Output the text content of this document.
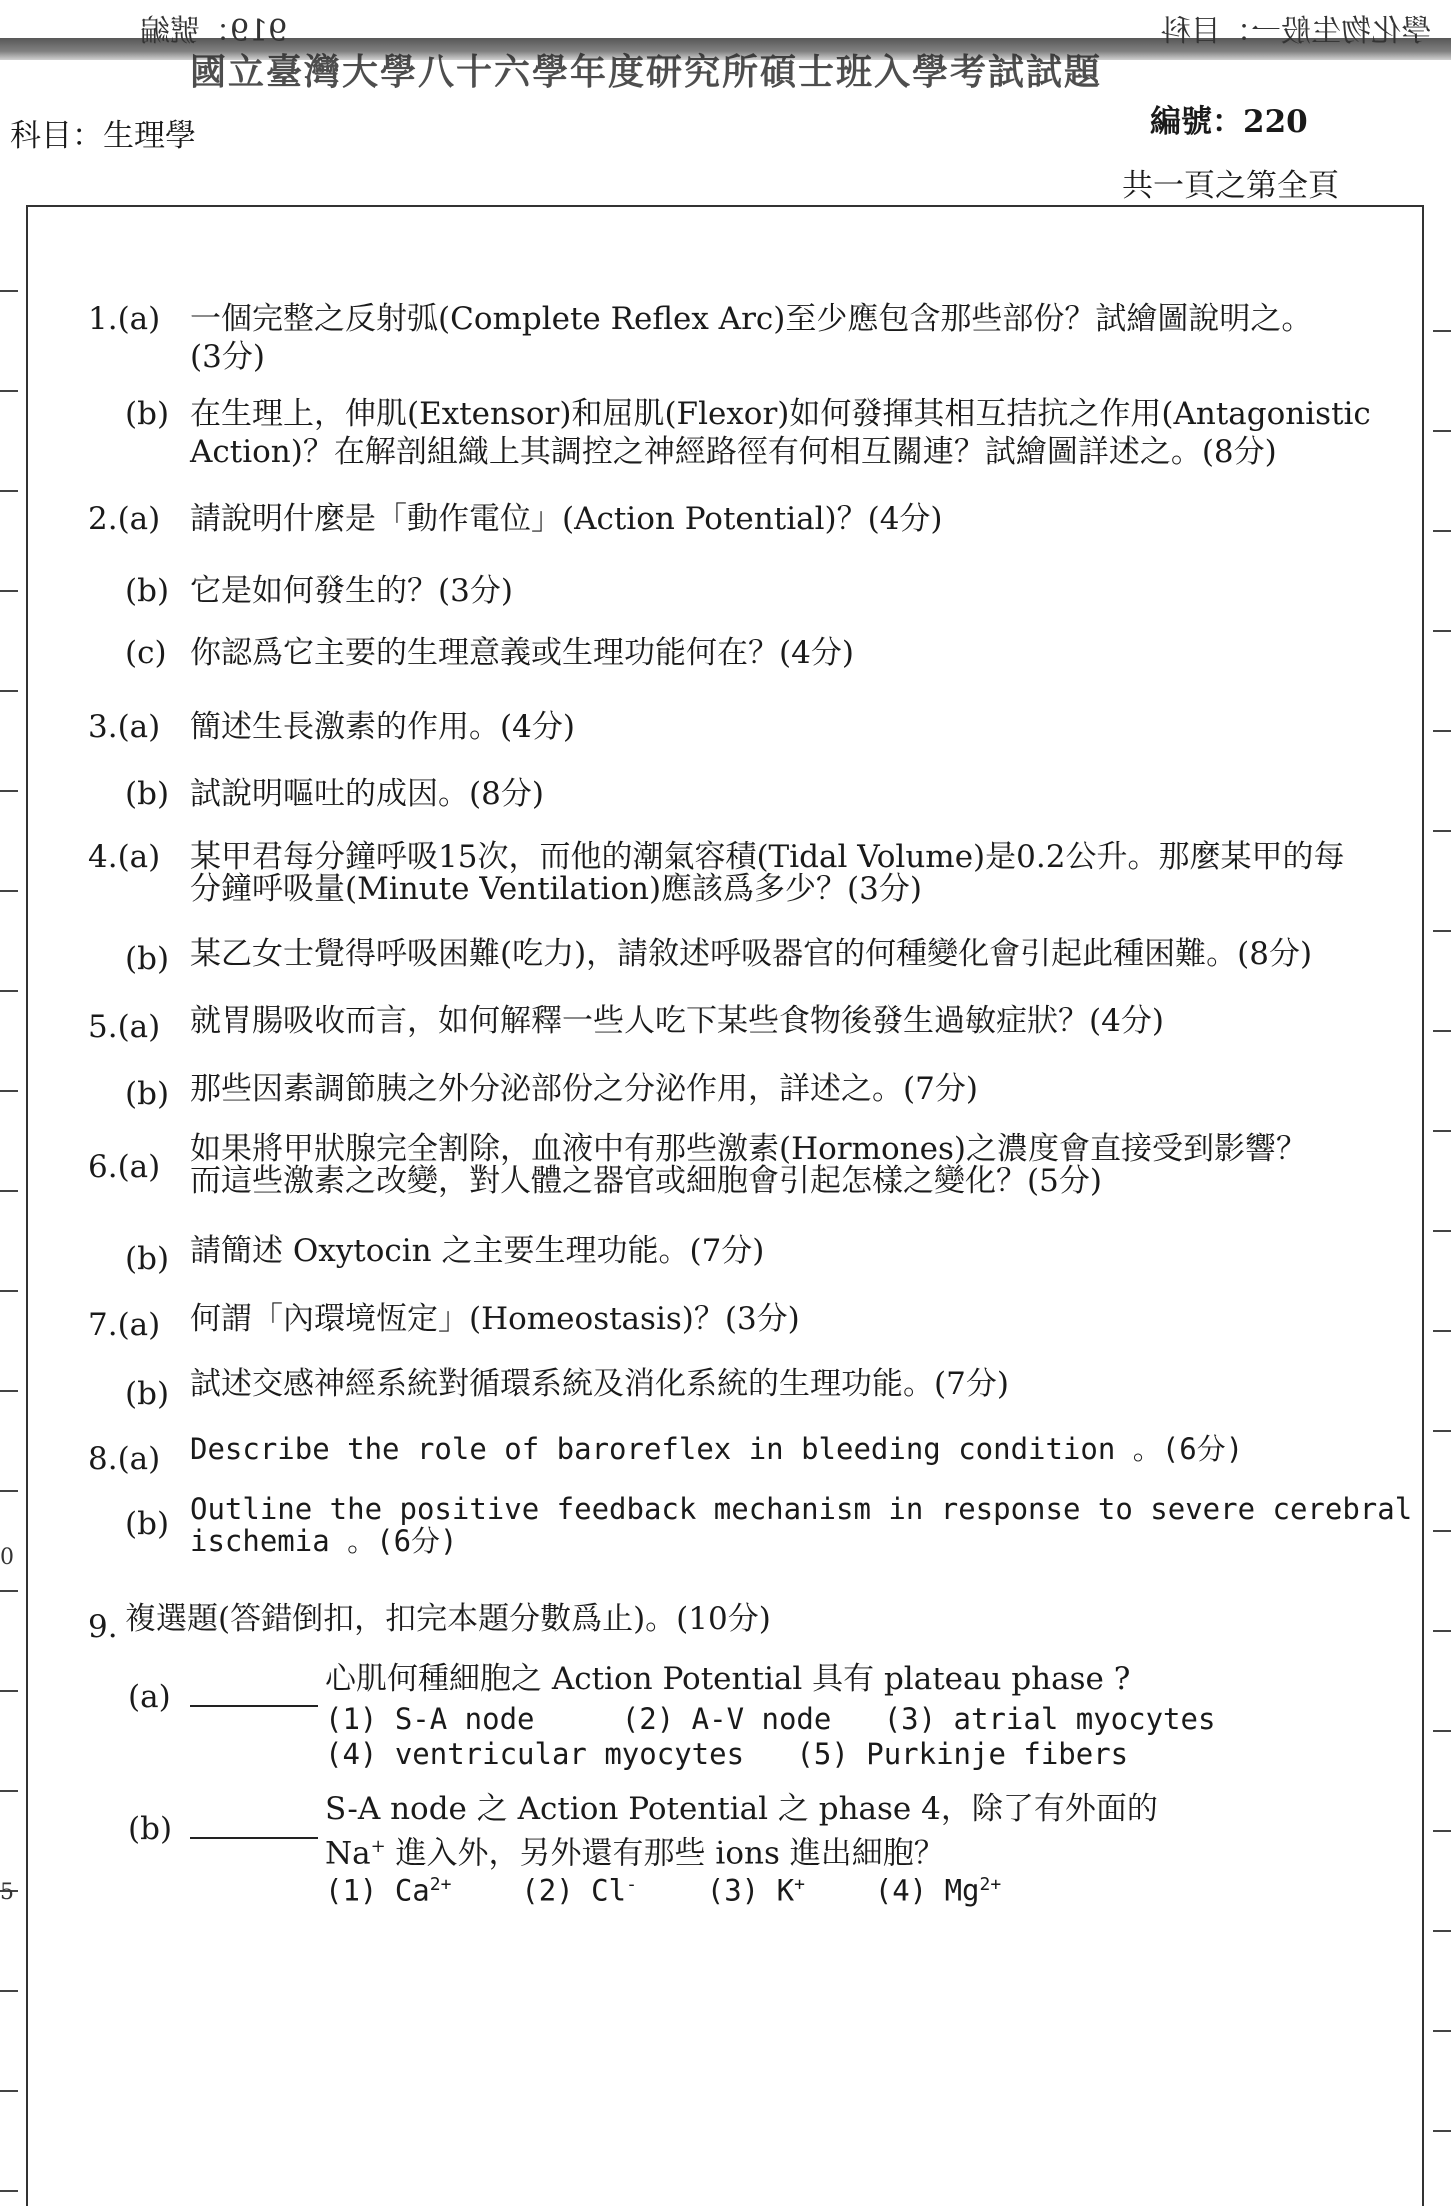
919：號編	學化物生般一：目科
國立臺灣大學八十六學年度研究所碩士班入學考試試題
科目：生理學	編號：220
共一頁之第全頁
0
5
1.(a) 一個完整之反射弧(Complete Reflex Arc)至少應包含那些部份？試繪圖說明之。
(3分)
(b) 在生理上，伸肌(Extensor)和屈肌(Flexor)如何發揮其相互拮抗之作用(Antagonistic
Action)？在解剖組織上其調控之神經路徑有何相互關連？試繪圖詳述之。(8分)
2.(a) 請說明什麼是「動作電位」(Action Potential)？(4分)
(b) 它是如何發生的？(3分)
(c) 你認爲它主要的生理意義或生理功能何在？(4分)
3.(a) 簡述生長激素的作用。(4分)
(b) 試說明嘔吐的成因。(8分)
4.(a) 某甲君每分鐘呼吸15次，而他的潮氣容積(Tidal Volume)是0.2公升。那麼某甲的每
分鐘呼吸量(Minute Ventilation)應該爲多少？(3分)
(b) 某乙女士覺得呼吸困難(吃力)，請敘述呼吸器官的何種變化會引起此種困難。(8分)
5.(a) 就胃腸吸收而言，如何解釋一些人吃下某些食物後發生過敏症狀？(4分)
(b) 那些因素調節胰之外分泌部份之分泌作用，詳述之。(7分)
6.(a) 如果將甲狀腺完全割除，血液中有那些激素(Hormones)之濃度會直接受到影響？
而這些激素之改變，對人體之器官或細胞會引起怎樣之變化？(5分)
(b) 請簡述 Oxytocin 之主要生理功能。(7分)
7.(a) 何謂「內環境恆定」(Homeostasis)？(3分)
(b) 試述交感神經系統對循環系統及消化系統的生理功能。(7分)
8.(a) Describe the role of baroreflex in bleeding condition 。(6分)
(b) Outline the positive feedback mechanism in response to severe cerebral
ischemia 。(6分)
9. 複選題(答錯倒扣，扣完本題分數爲止)。(10分)
(a)	心肌何種細胞之 Action Potential 具有 plateau phase ?
(1) S-A node     (2) A-V node   (3) atrial myocytes
(4) ventricular myocytes   (5) Purkinje fibers
(b)
S-A node 之 Action Potential 之 phase 4，除了有外面的
Na+ 進入外，另外還有那些 ions 進出細胞？
(1) $Ca^{2+}$ (2) Cl- (3) K+ (4) $Mg^{2+}$
